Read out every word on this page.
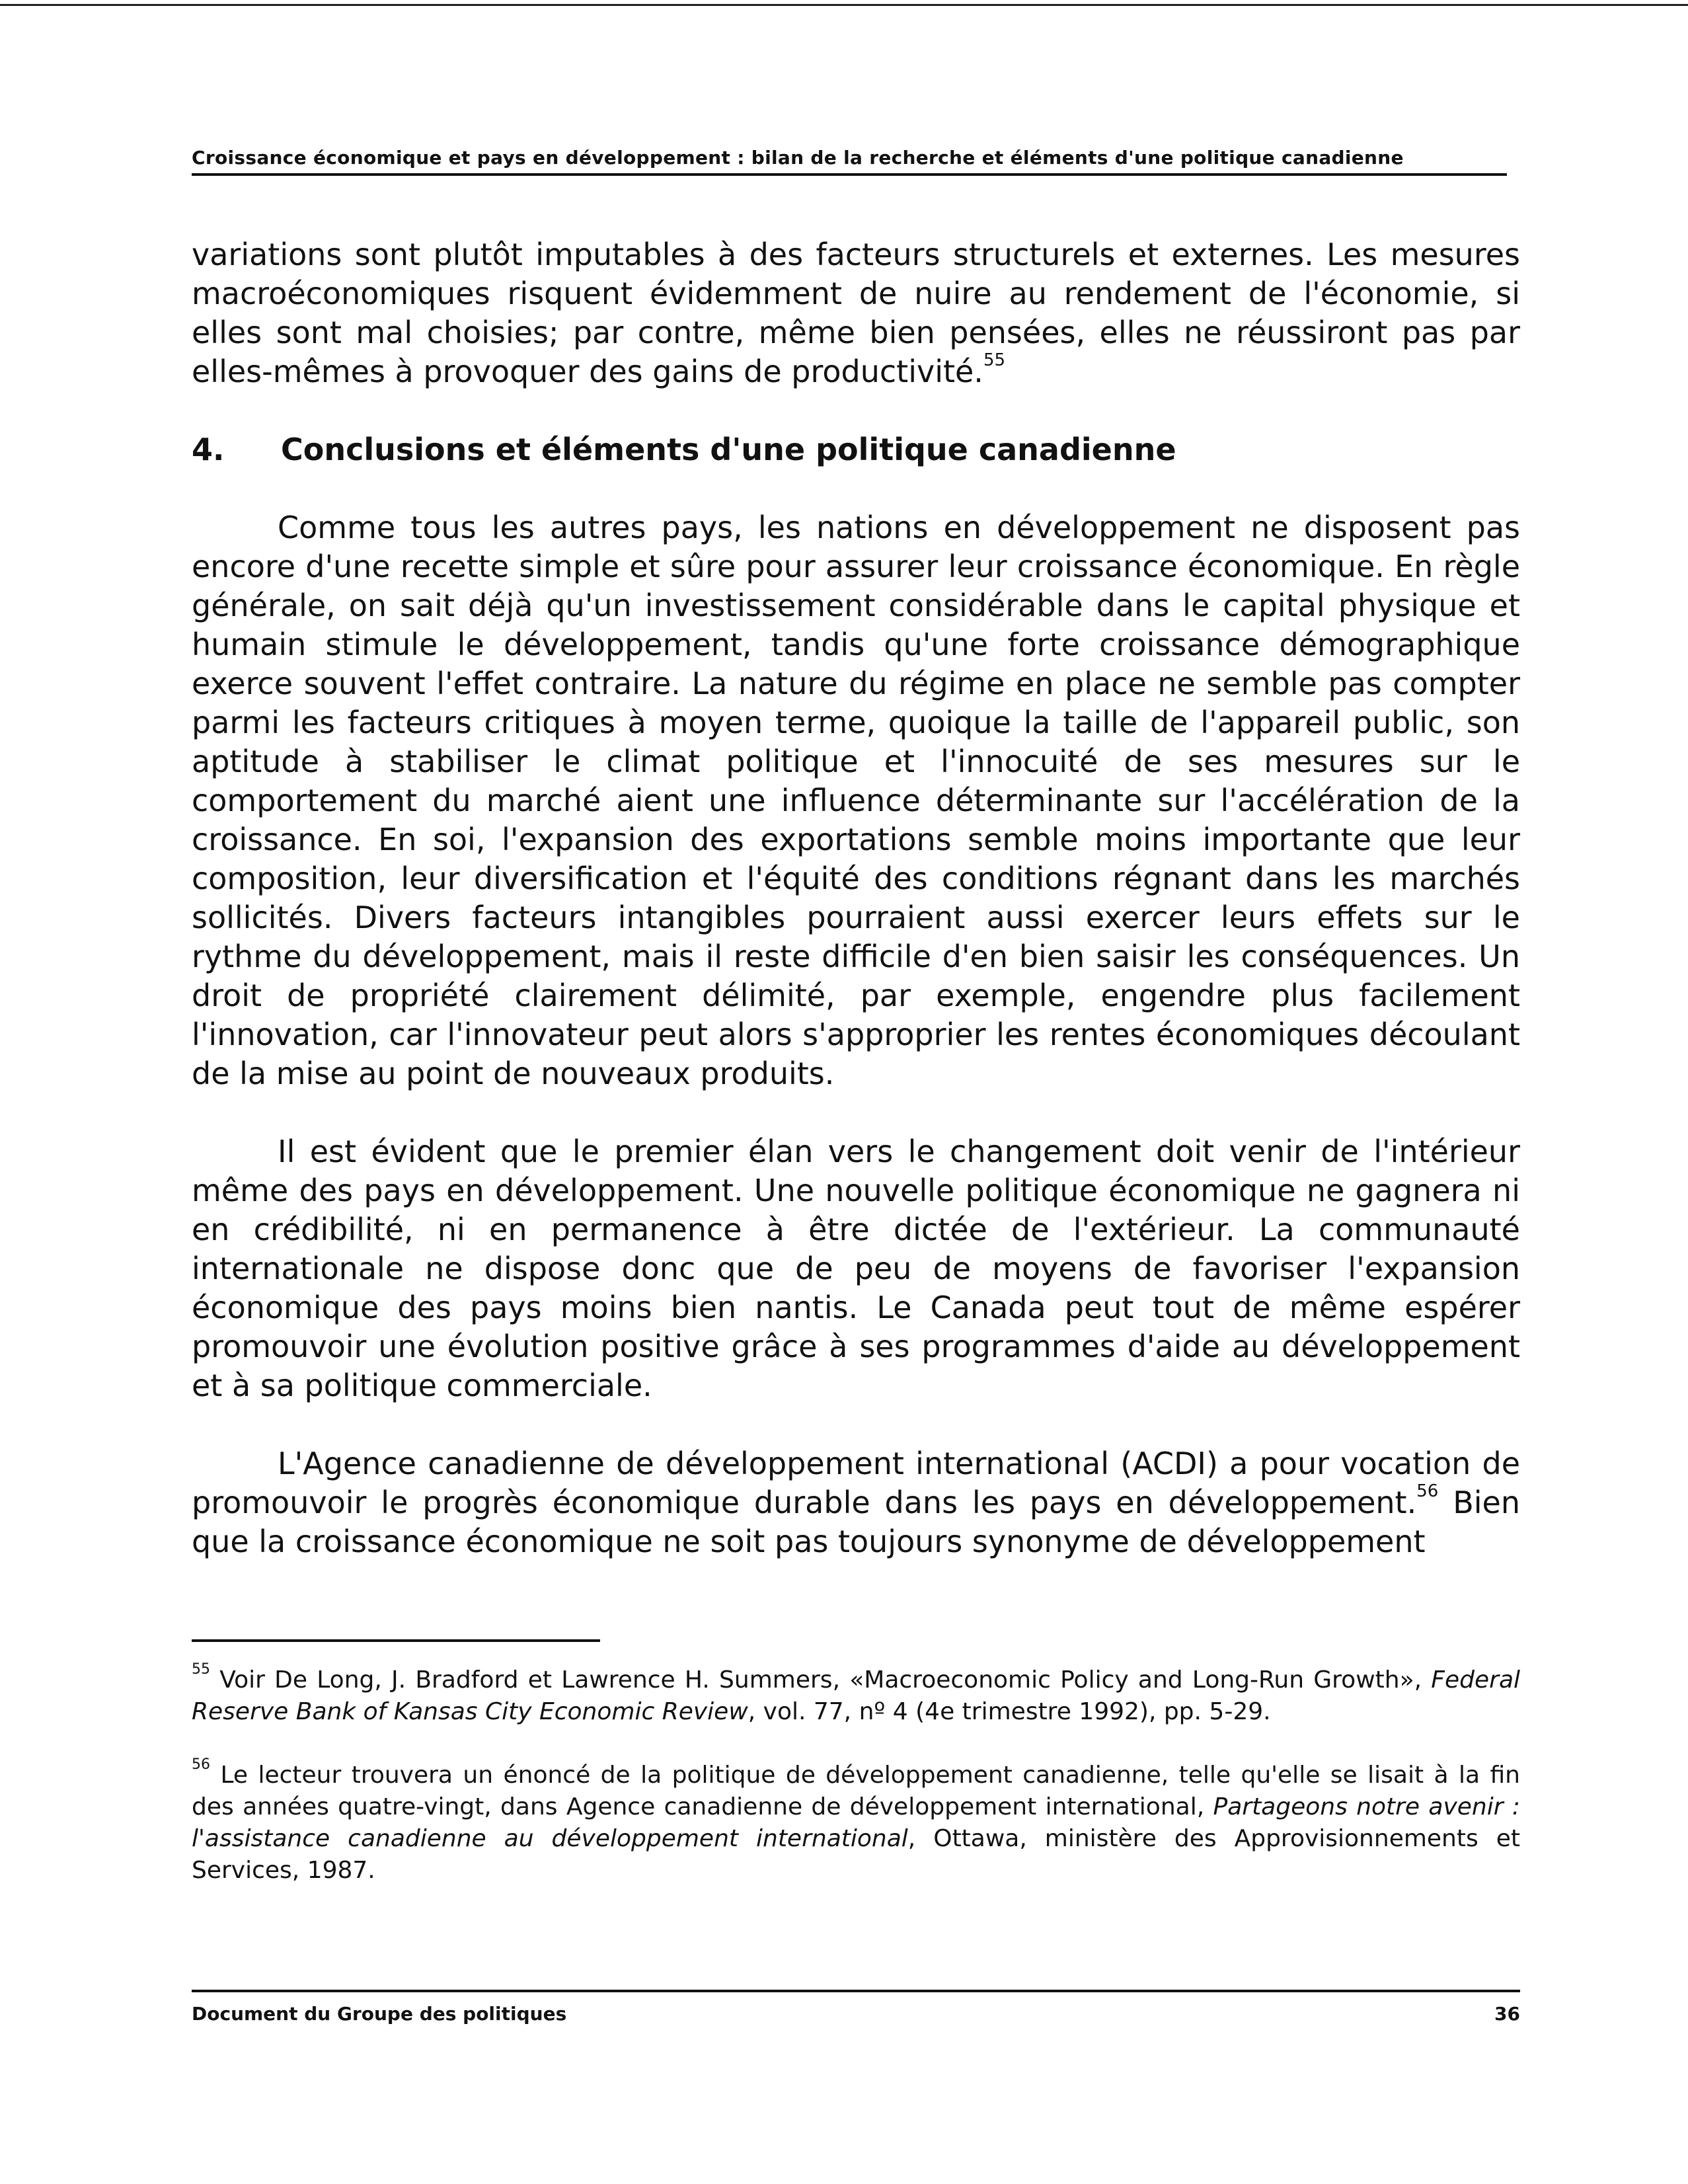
Croissance économique et pays en développement : bilan de la recherche et éléments d'une politique canadienne

variations sont plutôt imputables à des facteurs structurels et externes. Les mesures macroéconomiques risquent évidemment de nuire au rendement de l'économie, si elles sont mal choisies; par contre, même bien pensées, elles ne réussiront pas par elles-mêmes à provoquer des gains de productivité.$^{55}$

4. Conclusions et éléments d'une politique canadienne

Comme tous les autres pays, les nations en développement ne disposent pas encore d'une recette simple et sûre pour assurer leur croissance économique. En règle générale, on sait déjà qu'un investissement considérable dans le capital physique et humain stimule le développement, tandis qu'une forte croissance démographique exerce souvent l'effet contraire. La nature du régime en place ne semble pas compter parmi les facteurs critiques à moyen terme, quoique la taille de l'appareil public, son aptitude à stabiliser le climat politique et l'innocuité de ses mesures sur le comportement du marché aient une influence déterminante sur l'accélération de la croissance. En soi, l'expansion des exportations semble moins importante que leur composition, leur diversification et l'équité des conditions régnant dans les marchés sollicités. Divers facteurs intangibles pourraient aussi exercer leurs effets sur le rythme du développement, mais il reste difficile d'en bien saisir les conséquences. Un droit de propriété clairement délimité, par exemple, engendre plus facilement l'innovation, car l'innovateur peut alors s'approprier les rentes économiques découlant de la mise au point de nouveaux produits.

Il est évident que le premier élan vers le changement doit venir de l'intérieur même des pays en développement. Une nouvelle politique économique ne gagnera ni en crédibilité, ni en permanence à être dictée de l'extérieur. La communauté internationale ne dispose donc que de peu de moyens de favoriser l'expansion économique des pays moins bien nantis. Le Canada peut tout de même espérer promouvoir une évolution positive grâce à ses programmes d'aide au développement et à sa politique commerciale.

L'Agence canadienne de développement international (ACDI) a pour vocation de promouvoir le progrès économique durable dans les pays en développement.$^{56}$ Bien que la croissance économique ne soit pas toujours synonyme de développement

$^{55}$ Voir De Long, J. Bradford et Lawrence H. Summers, «Macroeconomic Policy and Long-Run Growth», Federal Reserve Bank of Kansas City Economic Review, vol. 77, nº 4 (4e trimestre 1992), pp. 5-29.

$^{56}$ Le lecteur trouvera un énoncé de la politique de développement canadienne, telle qu'elle se lisait à la fin des années quatre-vingt, dans Agence canadienne de développement international, Partageons notre avenir : l'assistance canadienne au développement international, Ottawa, ministère des Approvisionnements et Services, 1987.

Document du Groupe des politiques	36
